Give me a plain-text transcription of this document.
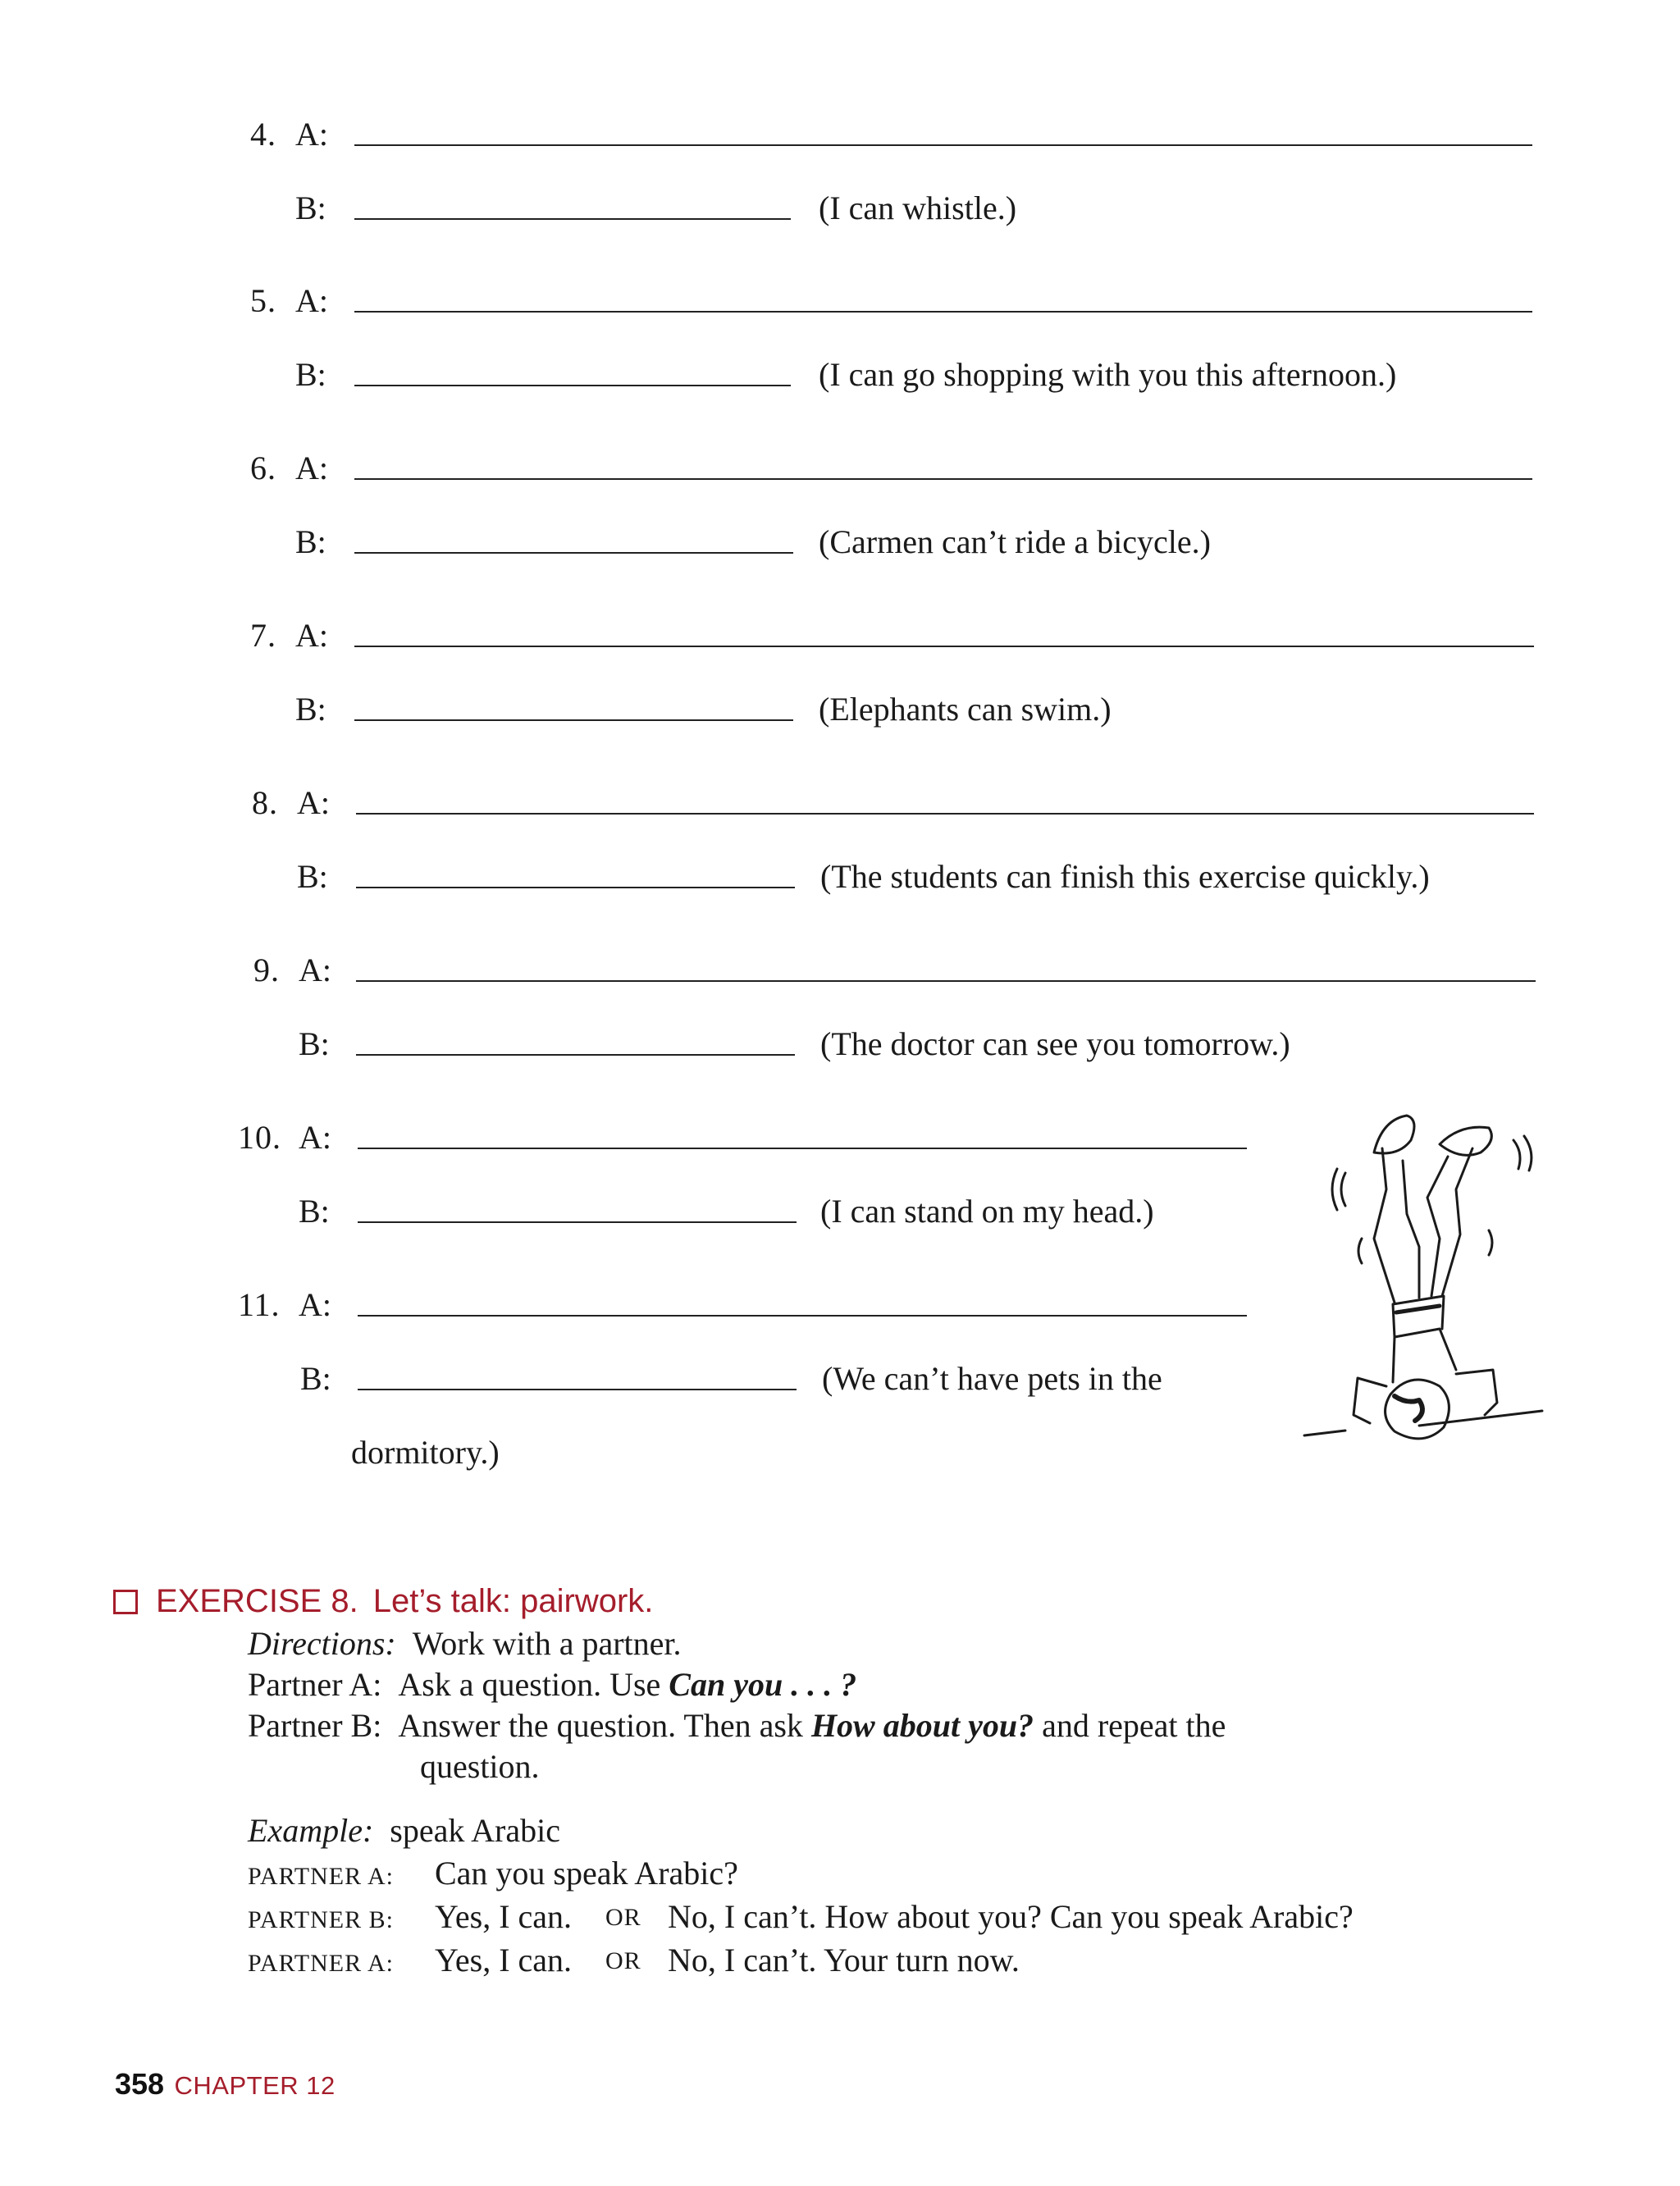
4. A:
B:	(I can whistle.)
5. A:
B:	(I can go shopping with you this afternoon.)
6. A:
B:	(Carmen can’t ride a bicycle.)
7. A:
B:	(Elephants can swim.)
8. A:
B:	(The students can finish this exercise quickly.)
9. A:
B:	(The doctor can see you tomorrow.)
10. A:
B:	(I can stand on my head.)
11. A:
B:	(We can’t have pets in the
dormitory.)
EXERCISE 8. Let’s talk: pairwork.
Directions: Work with a partner.
Partner A: Ask a question. Use Can you . . . ?
Partner B: Answer the question. Then ask How about you? and repeat the
question.
Example: speak Arabic
PARTNER A: Can you speak Arabic?
PARTNER B: Yes, I can. OR No, I can’t. How about you? Can you speak Arabic?
PARTNER A: Yes, I can. OR No, I can’t. Your turn now.
358 CHAPTER 12
